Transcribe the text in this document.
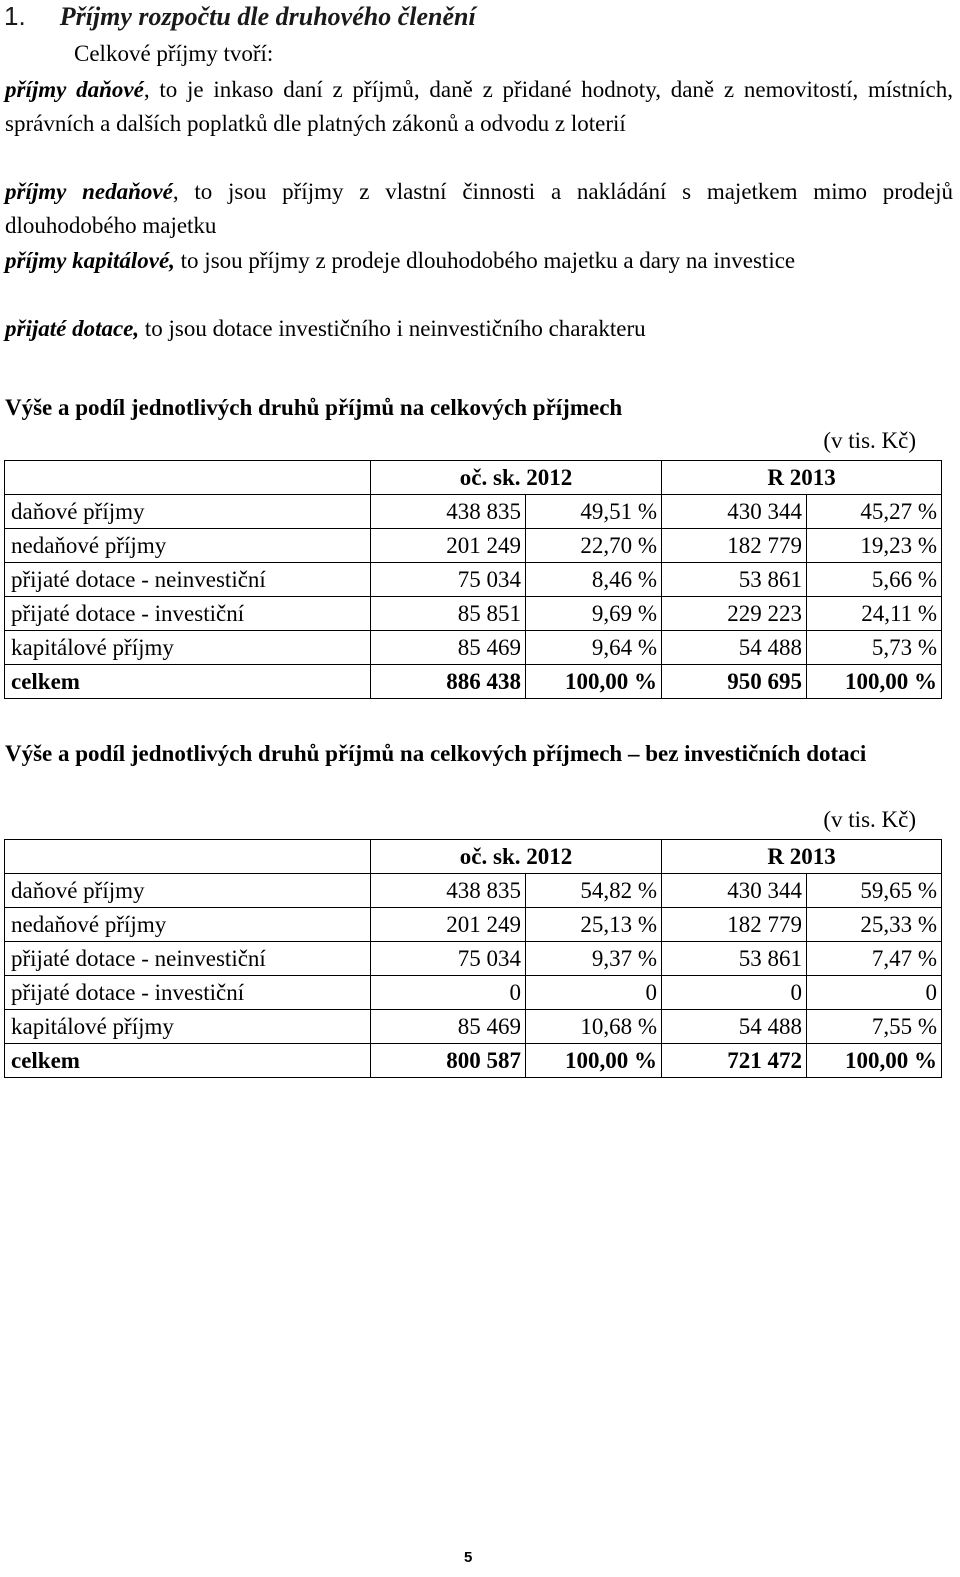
1. Příjmy rozpočtu dle druhového členění
Celkové příjmy tvoří:
příjmy daňové, to je inkaso daní z příjmů, daně z přidané hodnoty, daně z nemovitostí, místních, správních a dalších poplatků dle platných zákonů a odvodu z loterií
příjmy nedaňové, to jsou příjmy z vlastní činnosti a nakládání s majetkem mimo prodejů dlouhodobého majetku
příjmy kapitálové, to jsou příjmy z prodeje dlouhodobého majetku a dary na investice
přijaté dotace, to jsou dotace investičního i neinvestičního charakteru
Výše a podíl jednotlivých druhů příjmů na celkových příjmech
(v tis. Kč)
	oč. sk. 2012		R 2013	
daňové příjmy	438 835	49,51 %	430 344	45,27 %
nedaňové příjmy	201 249	22,70 %	182 779	19,23 %
přijaté dotace - neinvestiční	75 034	8,46 %	53 861	5,66 %
přijaté dotace - investiční	85 851	9,69 %	229 223	24,11 %
kapitálové příjmy	85 469	9,64 %	54 488	5,73 %
celkem	886 438	100,00 %	950 695	100,00 %
Výše a podíl jednotlivých druhů příjmů na celkových příjmech – bez investičních dotaci
(v tis. Kč)
	oč. sk. 2012		R 2013	
daňové příjmy	438 835	54,82 %	430 344	59,65 %
nedaňové příjmy	201 249	25,13 %	182 779	25,33 %
přijaté dotace - neinvestiční	75 034	9,37 %	53 861	7,47 %
přijaté dotace - investiční	0	0	0	0
kapitálové příjmy	85 469	10,68 %	54 488	7,55 %
celkem	800 587	100,00 %	721 472	100,00 %
5
